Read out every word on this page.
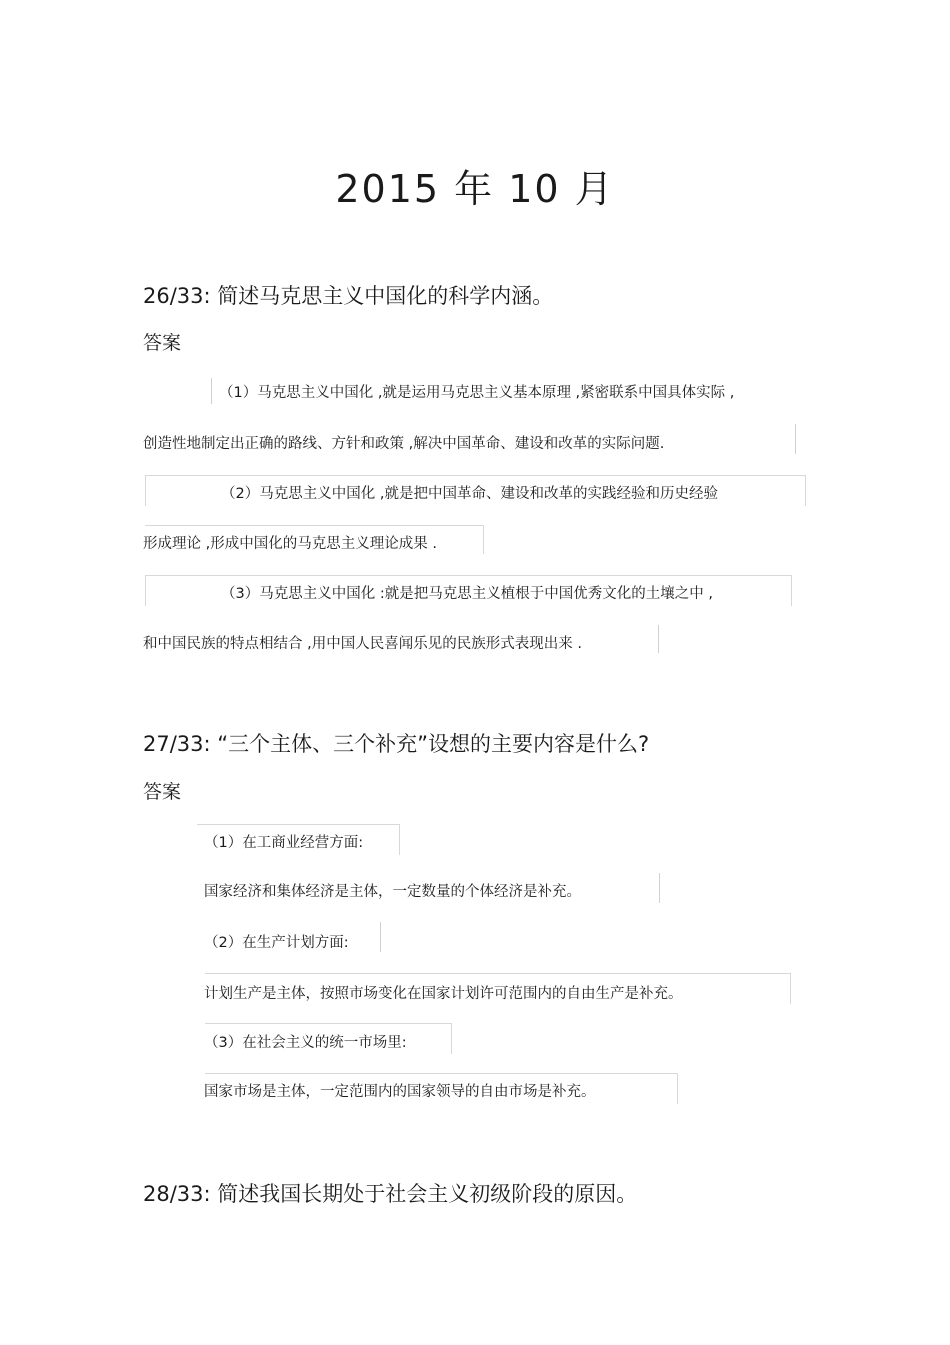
2015 年 10 月
26/33: 简述马克思主义中国化的科学内涵。
答案
（1）马克思主义中国化 ,就是运用马克思主义基本原理 ,紧密联系中国具体实际 ,
创造性地制定出正确的路线、方针和政策 ,解决中国革命、建设和改革的实际问题.
（2）马克思主义中国化 ,就是把中国革命、建设和改革的实践经验和历史经验
形成理论 ,形成中国化的马克思主义理论成果 .
（3）马克思主义中国化 :就是把马克思主义植根于中国优秀文化的土壤之中 ,
和中国民族的特点相结合 ,用中国人民喜闻乐见的民族形式表现出来 .
27/33: “三个主体、三个补充”设想的主要内容是什么?
答案
（1）在工商业经营方面:
国家经济和集体经济是主体，一定数量的个体经济是补充。
（2）在生产计划方面:
计划生产是主体，按照市场变化在国家计划许可范围内的自由生产是补充。
（3）在社会主义的统一市场里:
国家市场是主体，一定范围内的国家领导的自由市场是补充。
28/33: 简述我国长期处于社会主义初级阶段的原因。
